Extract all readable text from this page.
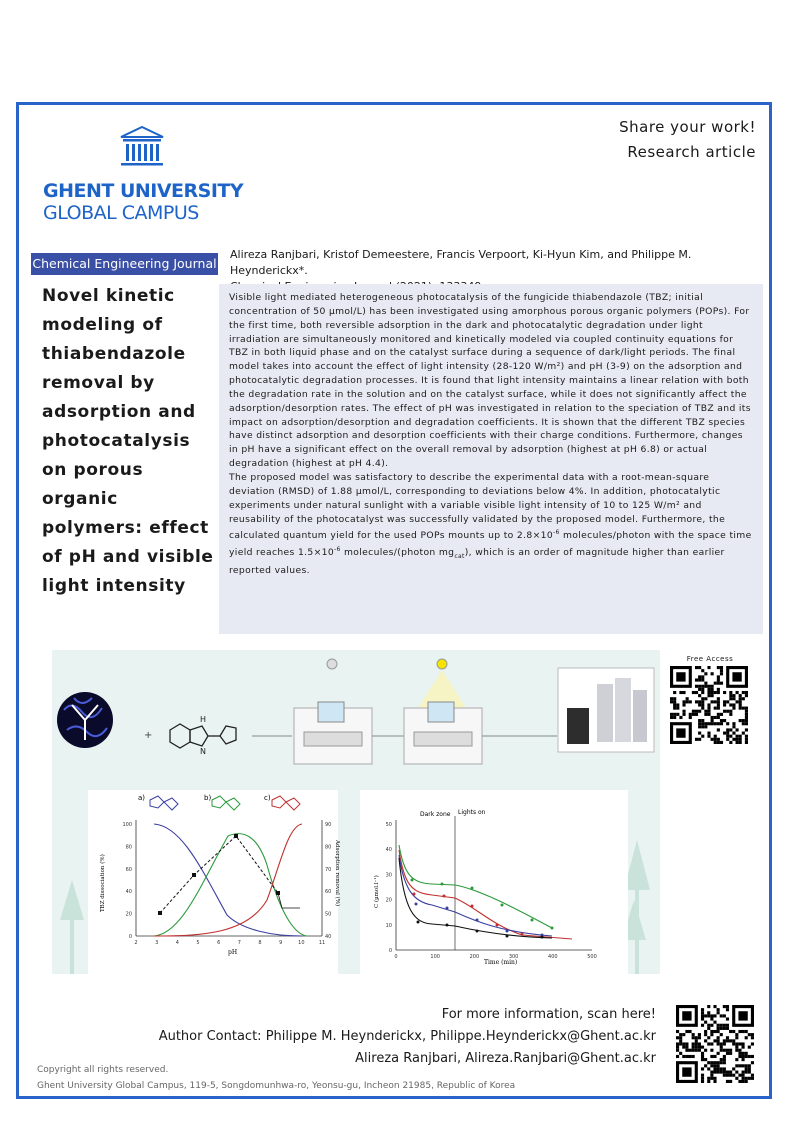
GHENT UNIVERSITY
GLOBAL CAMPUS
Share your work!
Research article
Chemical Engineering Journal
Alireza Ranjbari, Kristof Demeestere, Francis Verpoort, Ki-Hyun Kim, and Philippe M. Heynderickx*.
Novel kinetic modeling of thiabendazole removal by adsorption and photocatalysis on porous organic polymers: effect of pH and visible light intensity

Visible light mediated heterogeneous photocatalysis of the fungicide thiabendazole (TBZ; initial concentration of 50 µmol/L) has been investigated using amorphous porous organic polymers (POPs). For the first time, both reversible adsorption in the dark and photocatalytic degradation under light irradiation are simultaneously monitored and kinetically modeled via coupled continuity equations for TBZ in both liquid phase and on the catalyst surface during a sequence of dark/light periods. The final model takes into account the effect of light intensity (28-120 W/m²) and pH (3-9) on the adsorption and photocatalytic degradation processes. It is found that light intensity maintains a linear relation with both the degradation rate in the solution and on the catalyst surface, while it does not significantly affect the adsorption/desorption rates. The effect of pH was investigated in relation to the speciation of TBZ and its impact on adsorption/desorption and degradation coefficients. It is shown that the different TBZ species have distinct adsorption and desorption coefficients with their charge conditions. Furthermore, changes in pH have a significant effect on the overall removal by adsorption (highest at pH 6.8) or actual degradation (highest at pH 4.4).

The proposed model was satisfactory to describe the experimental data with a root-mean-square deviation (RMSD) of 1.88 µmol/L, corresponding to deviations below 4%. In addition, photocatalytic experiments under natural sunlight with a variable visible light intensity of 10 to 125 W/m² and reusability of the photocatalyst was successfully validated by the proposed model. Furthermore, the calculated quantum yield for the used POPs mounts up to $2.8\times 10^{-6}$ molecules/photon with the space time yield reaches $1.5\times 10^{-6}$ molecules/(photon $mg_{cat}$), which is an order of magnitude higher than earlier reported values.

+
H
N
a)	b)	c)
2	3	4	5	6	7	8	9	10	11
0
20
40
60
80
100
40
50
60
70
80
90
pH
TBZ dissociation (%)	Adsorption removal (%)
Dark zone Lights on
0	100	200	300	400	500
0
10
20
30
40
50
Time (min)
C (µmol.l⁻¹)
Free Access
For more information, scan here!
Author Contact: Philippe M. Heynderickx, Philippe.Heynderickx@Ghent.ac.kr
Alireza Ranjbari, Alireza.Ranjbari@Ghent.ac.kr
Copyright all rights reserved.
Ghent University Global Campus, 119-5, Songdomunhwa-ro, Yeonsu-gu, Incheon 21985, Republic of Korea
